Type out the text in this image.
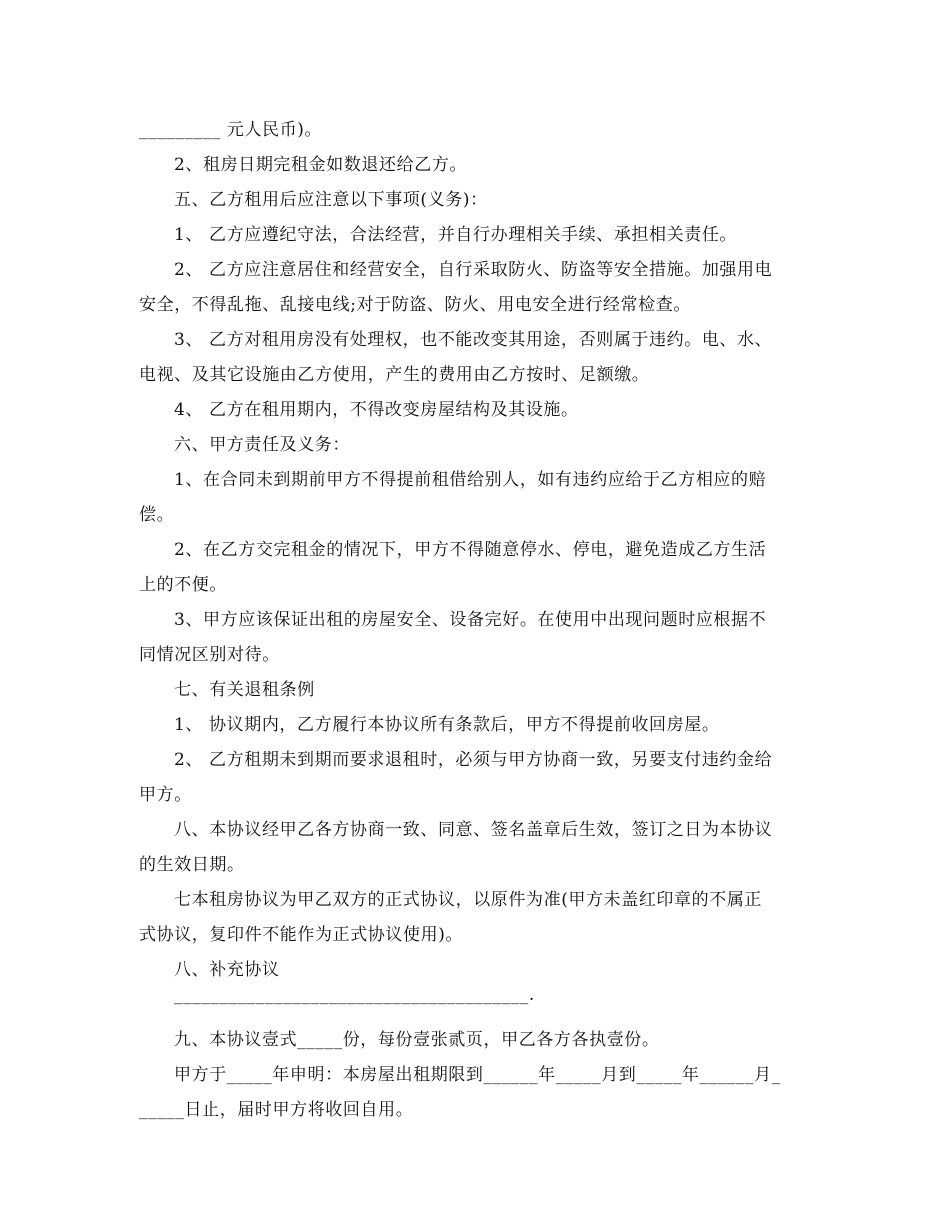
_________ 元人民币)。
2、租房日期完租金如数退还给乙方。
五、乙方租用后应注意以下事项(义务)：
1、 乙方应遵纪守法，合法经营，并自行办理相关手续、承担相关责任。
2、 乙方应注意居住和经营安全，自行采取防火、防盗等安全措施。加强用电
安全，不得乱拖、乱接电线;对于防盗、防火、用电安全进行经常检查。
3、 乙方对租用房没有处理权，也不能改变其用途，否则属于违约。电、水、
电视、及其它设施由乙方使用，产生的费用由乙方按时、足额缴。
4、 乙方在租用期内，不得改变房屋结构及其设施。
六、甲方责任及义务：
1、在合同未到期前甲方不得提前租借给别人，如有违约应给于乙方相应的赔
偿。
2、在乙方交完租金的情况下，甲方不得随意停水、停电，避免造成乙方生活
上的不便。
3、甲方应该保证出租的房屋安全、设备完好。在使用中出现问题时应根据不
同情况区别对待。
七、有关退租条例
1、 协议期内，乙方履行本协议所有条款后，甲方不得提前收回房屋。
2、 乙方租期未到期而要求退租时，必须与甲方协商一致，另要支付违约金给
甲方。
八、本协议经甲乙各方协商一致、同意、签名盖章后生效，签订之日为本协议
的生效日期。
七本租房协议为甲乙双方的正式协议，以原件为准(甲方未盖红印章的不属正
式协议，复印件不能作为正式协议使用)。
八、补充协议
_______________________________________.
九、本协议壹式_____份，每份壹张贰页，甲乙各方各执壹份。
甲方于_____年申明：本房屋出租期限到______年_____月到_____年______月_
_____日止，届时甲方将收回自用。
